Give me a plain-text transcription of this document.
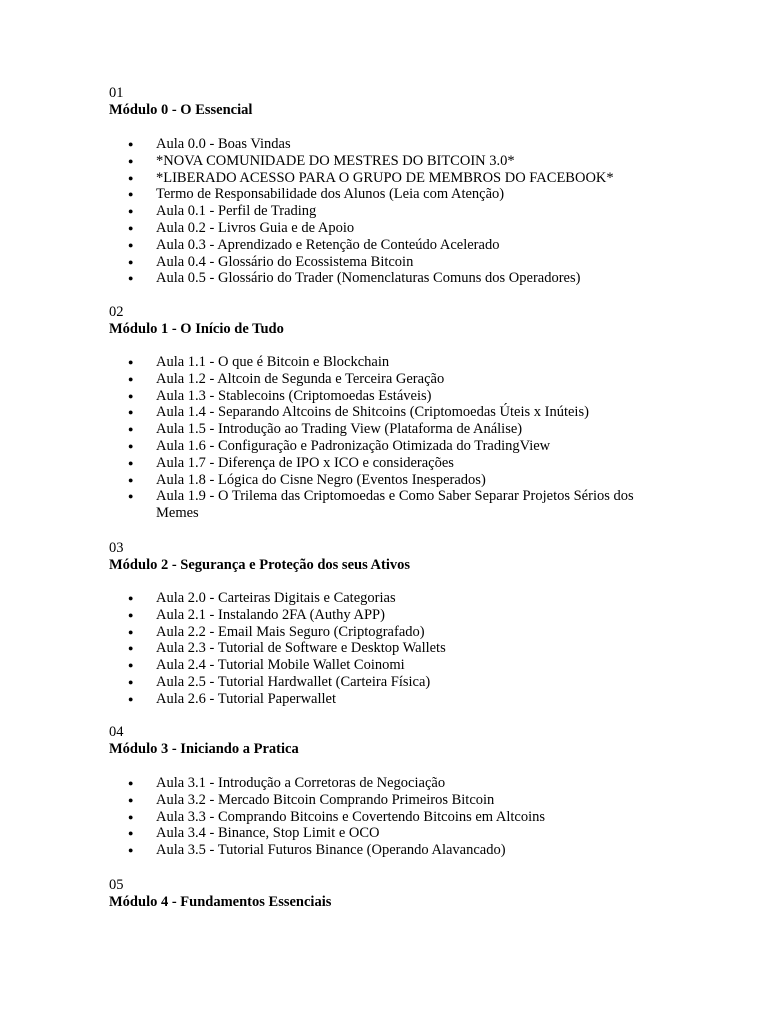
01
Módulo 0 - O Essencial
● Aula 0.0 - Boas Vindas
● *NOVA COMUNIDADE DO MESTRES DO BITCOIN 3.0*
● *LIBERADO ACESSO PARA O GRUPO DE MEMBROS DO FACEBOOK*
● Termo de Responsabilidade dos Alunos (Leia com Atenção)
● Aula 0.1 - Perfil de Trading
● Aula 0.2 - Livros Guia e de Apoio
● Aula 0.3 - Aprendizado e Retenção de Conteúdo Acelerado
● Aula 0.4 - Glossário do Ecossistema Bitcoin
● Aula 0.5 - Glossário do Trader (Nomenclaturas Comuns dos Operadores)
02
Módulo 1 - O Início de Tudo
● Aula 1.1 - O que é Bitcoin e Blockchain
● Aula 1.2 - Altcoin de Segunda e Terceira Geração
● Aula 1.3 - Stablecoins (Criptomoedas Estáveis)
● Aula 1.4 - Separando Altcoins de Shitcoins (Criptomoedas Úteis x Inúteis)
● Aula 1.5 - Introdução ao Trading View (Plataforma de Análise)
● Aula 1.6 - Configuração e Padronização Otimizada do TradingView
● Aula 1.7 - Diferença de IPO x ICO e considerações
● Aula 1.8 - Lógica do Cisne Negro (Eventos Inesperados)
● Aula 1.9 - O Trilema das Criptomoedas e Como Saber Separar Projetos Sérios dos Memes
03
Módulo 2 - Segurança e Proteção dos seus Ativos
● Aula 2.0 - Carteiras Digitais e Categorias
● Aula 2.1 - Instalando 2FA (Authy APP)
● Aula 2.2 - Email Mais Seguro (Criptografado)
● Aula 2.3 - Tutorial de Software e Desktop Wallets
● Aula 2.4 - Tutorial Mobile Wallet Coinomi
● Aula 2.5 - Tutorial Hardwallet (Carteira Física)
● Aula 2.6 - Tutorial Paperwallet
04
Módulo 3 - Iniciando a Pratica
● Aula 3.1 - Introdução a Corretoras de Negociação
● Aula 3.2 - Mercado Bitcoin Comprando Primeiros Bitcoin
● Aula 3.3 - Comprando Bitcoins e Covertendo Bitcoins em Altcoins
● Aula 3.4 - Binance, Stop Limit e OCO
● Aula 3.5 - Tutorial Futuros Binance (Operando Alavancado)
05
Módulo 4 - Fundamentos Essenciais
